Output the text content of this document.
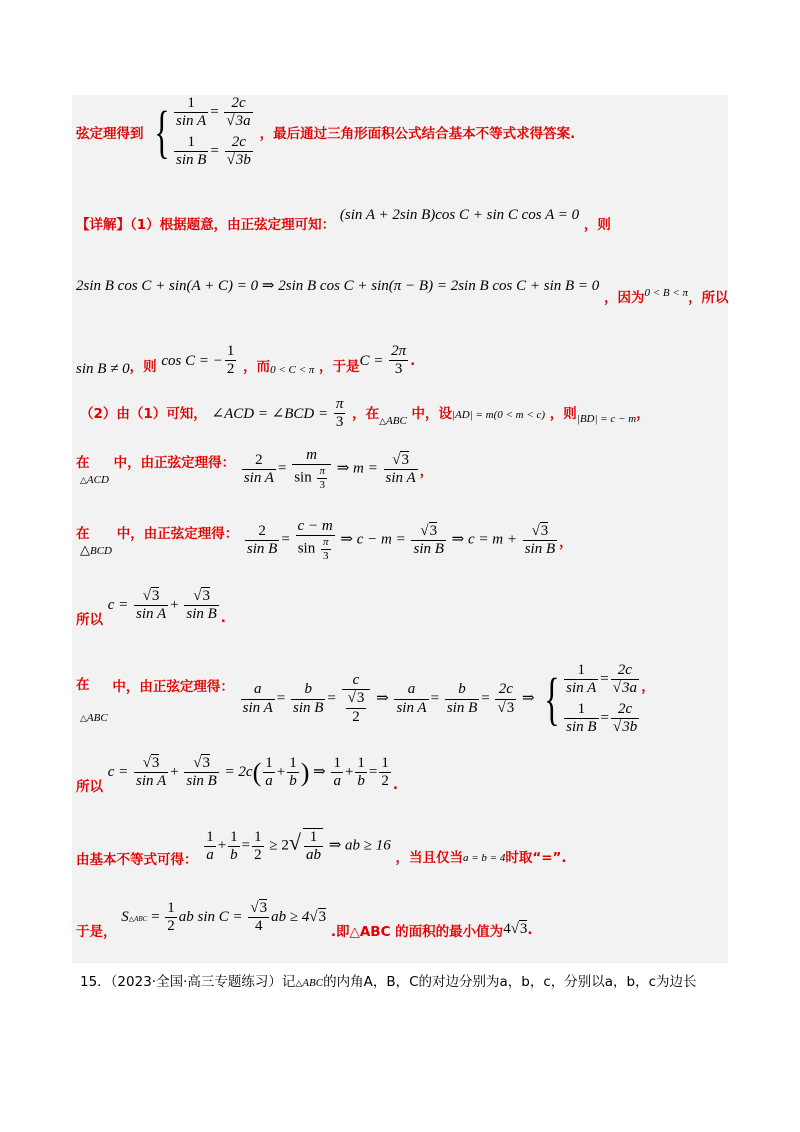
弦定理得到 { $\frac{1}{\text{sin A}} = \frac{2c}{√3a}$
$\frac{1}{\text{sin B}} = \frac{2c}{√3b}$ ，最后通过三角形面积公式结合基本不等式求得答案.
【详解】（1）根据题意，由正弦定理可知： (sin A + 2sin B)cos C + sin C cos A = 0 ，则
2sin B cos C + sin(A + C) = 0 ⇒ 2sin B cos C + sin(π − B) = 2sin B cos C + sin B = 0 ，因为0 < B < π，所以
sin B ≠ 0，则 cos C = − $\frac{1}{2}$ ，而$_{0 < C < \pi}$ ，于是$C = \frac{2\pi}{3}$ .
（2）由（1）可知， ∠ACD = ∠BCD = $\frac{\pi}{3}$ ，在$_{\triangle ABC}$ 中，设|AD| = m(0 < m < c) ，则$_{|BD| = c - m}$，
在
△ACD 中，由正弦定理得： $\frac{2}{\text{sin A}} = \frac{m}{\sin \frac{\pi}{3}}$ ⇒ $m = \frac{√3}{\text{sin A}}$ ，
在
△BCD 中，由正弦定理得： $\frac{2}{\text{sin B}} = \frac{c - m}{\sin \frac{\pi}{3}}$ ⇒ $c - m = \frac{√3}{\text{sin B}}$ ⇒ $c = m + \frac{√3}{\text{sin B}}$ ，
所以 $c = \frac{√3}{\text{sin A}} + \frac{√3}{\text{sin B}}$ .
在

△ABC 中，由正弦定理得： $\frac{a}{\text{sin A}} = \frac{b}{\text{sin B}} = \frac{c}{\frac{√3}{2}}$ ⇒ $\frac{a}{\text{sin A}} = \frac{b}{\text{sin B}} = \frac{2c}{√3}$ ⇒ { $\frac{1}{\text{sin A}} = \frac{2c}{√3a}$
$\frac{1}{\text{sin B}} = \frac{2c}{√3b}$
，
所以 $c = \frac{√3}{\text{sin A}} + \frac{√3}{\text{sin B}} = 2c( \frac{1}{a} + \frac{1}{b}$ ) ⇒ $\frac{1}{a} + \frac{1}{b} = \frac{1}{2}$ .
由基本不等式可得： $\frac{1}{a} + \frac{1}{b} = \frac{1}{2} \ge 2√ \frac{1}{ab}$ ⇒ ab ≥ 16 ，当且仅当$_{a = b = 4}$时取“=”.
于是， S△ABC = $\frac{1}{2}$ ab $\sin C = \frac{√3}{4}$ ab ≥ 4√3 .即△ABC 的面积的最小值为4√3.
15．（2023·全国·高三专题练习）记△ABC的内角A，B，C的对边分别为a，b，c，分别以a，b，c为边长
